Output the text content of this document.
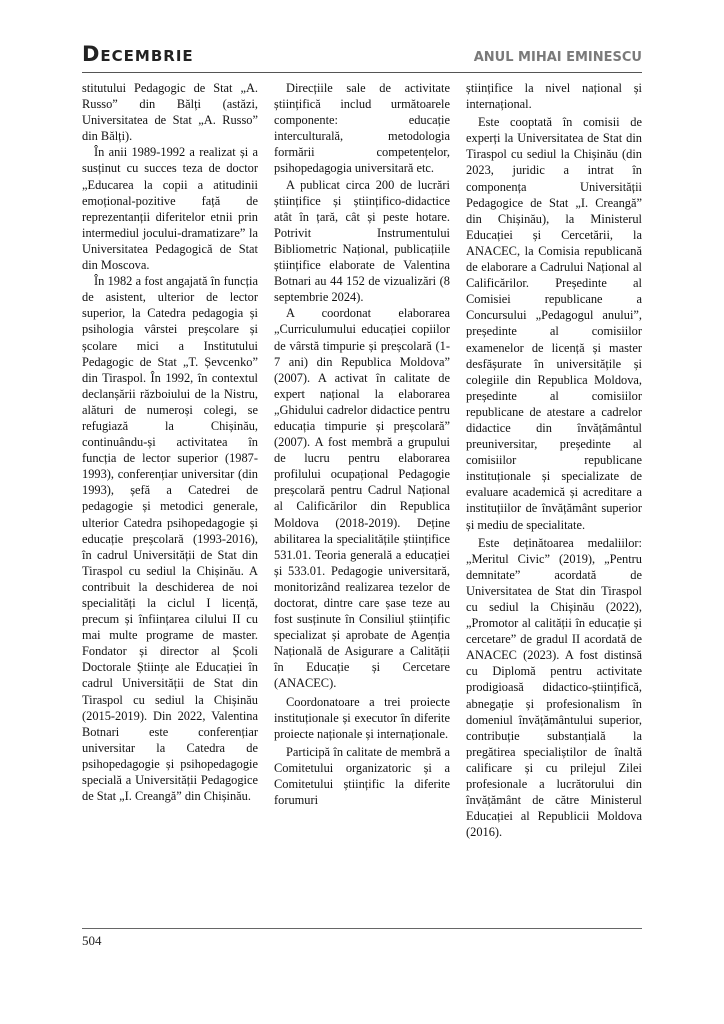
Decembrie	ANUL MIHAI EMINESCU

stitutului Pedagogic de Stat „A. Russo” din Bălți (astăzi, Universitatea de Stat „A. Russo” din Bălți).

În anii 1989-1992 a realizat și a susținut cu succes teza de doctor „Educarea la copii a atitudinii emoțional-pozitive față de reprezentanții diferitelor etnii prin intermediul jocului-dramatizare” la Universitatea Pedagogică de Stat din Moscova.

În 1982 a fost angajată în funcția de asistent, ulterior de lector superior, la Catedra pedagogia și psihologia vârstei preșcolare și școlare mici a Institutului Pedagogic de Stat „T. Șevcenko” din Tiraspol. În 1992, în contextul declanșării războiului de la Nistru, alături de numeroși colegi, se refugiază la Chișinău, continuându-și activitatea în funcția de lector superior (1987-1993), conferențiar universitar (din 1993), șefă a Catedrei de pedagogie și metodici generale, ulterior Catedra psihopedagogie și educație preșcolară (1993-2016), în cadrul Universității de Stat din Tiraspol cu sediul la Chișinău. A contribuit la deschiderea de noi specialități la ciclul I licență, precum și înființarea cilului II cu mai multe programe de master. Fondator și director al Școli Doctorale Științe ale Educației în cadrul Universității de Stat din Tiraspol cu sediul la Chișinău (2015-2019). Din 2022, Valentina Botnari este conferențiar universitar la Catedra de psihopedagogie și psihopedagogie specială a Universității Pedagogice de Stat „I. Creangă” din Chișinău.

Direcțiile sale de activitate științifică includ următoarele componente: educație interculturală, metodologia formării competențelor, psihopedagogia universitară etc.

A publicat circa 200 de lucrări științifice și științifico-didactice atât în țară, cât și peste hotare. Potrivit Instrumentului Bibliometric Național, publicațiile științifice elaborate de Valentina Botnari au 44 152 de vizualizări (8 septembrie 2024).

A coordonat elaborarea „Curriculumului educației copiilor de vârstă timpurie și preșcolară (1-7 ani) din Republica Moldova” (2007). A activat în calitate de expert național la elaborarea „Ghidului cadrelor didactice pentru educația timpurie și preșcolară” (2007). A fost membră a grupului de lucru pentru elaborarea profilului ocupațional Pedagogie preșcolară pentru Cadrul Național al Calificărilor din Republica Moldova (2018-2019). Deține abilitarea la specialitățile științifice 531.01. Teoria generală a educației și 533.01. Pedagogie universitară, monitorizând realizarea tezelor de doctorat, dintre care șase teze au fost susținute în Consiliul științific specializat și aprobate de Agenția Națională de Asigurare a Calității în Educație și Cercetare (ANACEC).

Coordonatoare a trei proiecte instituționale și executor în diferite proiecte naționale și internaționale.

Participă în calitate de membră a Comitetului organizatoric și a Comitetului științific la diferite forumuri

științifice la nivel național și internațional.

Este cooptată în comisii de experți la Universitatea de Stat din Tiraspol cu sediul la Chișinău (din 2023, juridic a intrat în componența Universității Pedagogice de Stat „I. Creangă” din Chișinău), la Ministerul Educației și Cercetării, la ANACEC, la Comisia republicană de elaborare a Cadrului Național al Calificărilor. Președinte al Comisiei republicane a Concursului „Pedagogul anului”, președinte al comisiilor examenelor de licență și master desfășurate în universitățile și colegiile din Republica Moldova, președinte al comisiilor republicane de atestare a cadrelor didactice din învățământul preuniversitar, președinte al comisiilor republicane instituționale și specializate de evaluare academică și acreditare a instituțiilor de învățământ superior și mediu de specialitate.

Este deținătoarea medaliilor: „Meritul Civic” (2019), „Pentru demnitate” acordată de Universitatea de Stat din Tiraspol cu sediul la Chișinău (2022), „Promotor al calității în educație și cercetare” de gradul II acordată de ANACEC (2023). A fost distinsă cu Diplomă pentru activitate prodigioasă didactico-științifică, abnegație și profesionalism în domeniul învățământului superior, contribuție substanțială la pregătirea specialiștilor de înaltă calificare și cu prilejul Zilei profesionale a lucrătorului din învățământ de către Ministerul Educației al Republicii Moldova (2016).

504
